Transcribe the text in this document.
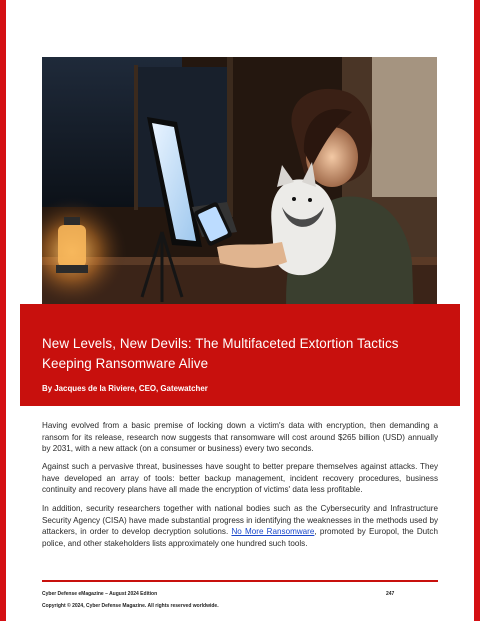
New Levels, New Devils: The Multifaceted Extortion Tactics Keeping Ransomware Alive
By Jacques de la Riviere, CEO, Gatewatcher

Having evolved from a basic premise of locking down a victim's data with encryption, then demanding a ransom for its release, research now suggests that ransomware will cost around $265 billion (USD) annually by 2031, with a new attack (on a consumer or business) every two seconds.

Against such a pervasive threat, businesses have sought to better prepare themselves against attacks. They have developed an array of tools: better backup management, incident recovery procedures, business continuity and recovery plans have all made the encryption of victims' data less profitable.

In addition, security researchers together with national bodies such as the Cybersecurity and Infrastructure Security Agency (CISA) have made substantial progress in identifying the weaknesses in the methods used by attackers, in order to develop decryption solutions. No More Ransomware, promoted by Europol, the Dutch police, and other stakeholders lists approximately one hundred such tools.

Cyber Defense eMagazine – August 2024 Edition	247
Copyright © 2024, Cyber Defense Magazine. All rights reserved worldwide.
